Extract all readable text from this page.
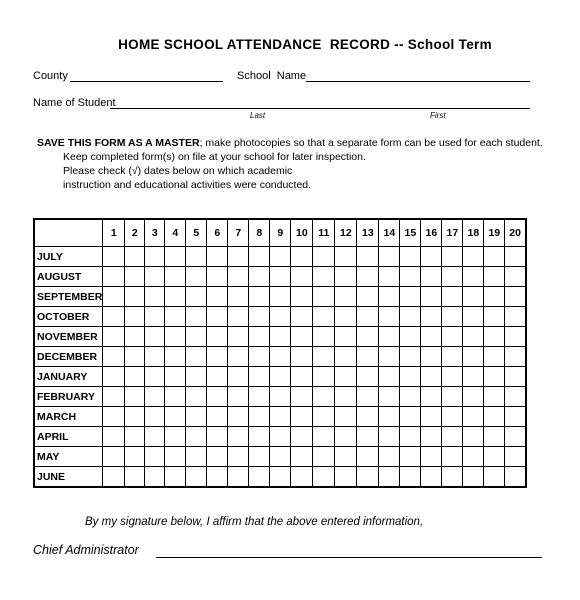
HOME SCHOOL ATTENDANCE  RECORD -- School Term
County	School  Name
Name of Student
Last	First
SAVE THIS FORM AS A MASTER; make photocopies so that a separate form can be used for each student.
Keep completed form(s) on file at your school for later inspection.
Please check (√) dates below on which academic
instruction and educational activities were conducted.
	1	2	3	4	5	6	7	8	9	10	11	12	13	14	15	16	17	18	19	20
JULY																				
AUGUST																				
SEPTEMBER																				
OCTOBER																				
NOVEMBER																				
DECEMBER																				
JANUARY																				
FEBRUARY																				
MARCH																				
APRIL																				
MAY																				
JUNE																				
By my signature below, I affirm that the above entered information,
Chief Administrator
